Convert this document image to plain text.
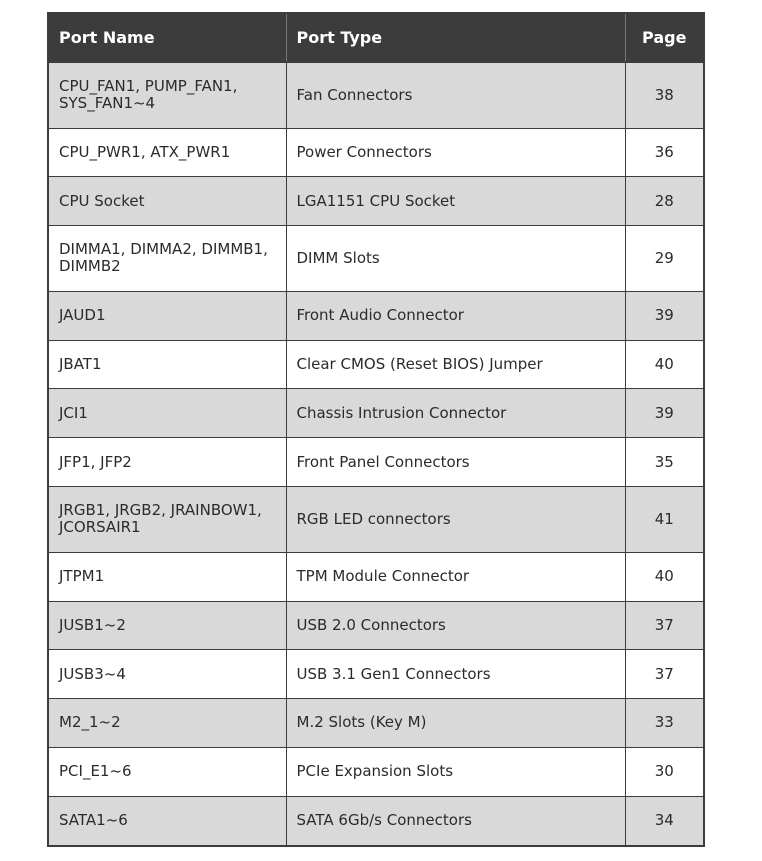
Port Name	Port Type	Page
CPU_FAN1, PUMP_FAN1, SYS_FAN1~4	Fan Connectors	38
CPU_PWR1, ATX_PWR1	Power Connectors	36
CPU Socket	LGA1151 CPU Socket	28
DIMMA1, DIMMA2, DIMMB1, DIMMB2	DIMM Slots	29
JAUD1	Front Audio Connector	39
JBAT1	Clear CMOS (Reset BIOS) Jumper	40
JCI1	Chassis Intrusion Connector	39
JFP1, JFP2	Front Panel Connectors	35
JRGB1, JRGB2, JRAINBOW1, JCORSAIR1	RGB LED connectors	41
JTPM1	TPM Module Connector	40
JUSB1~2	USB 2.0 Connectors	37
JUSB3~4	USB 3.1 Gen1 Connectors	37
M2_1~2	M.2 Slots (Key M)	33
PCI_E1~6	PCIe Expansion Slots	30
SATA1~6	SATA 6Gb/s Connectors	34
